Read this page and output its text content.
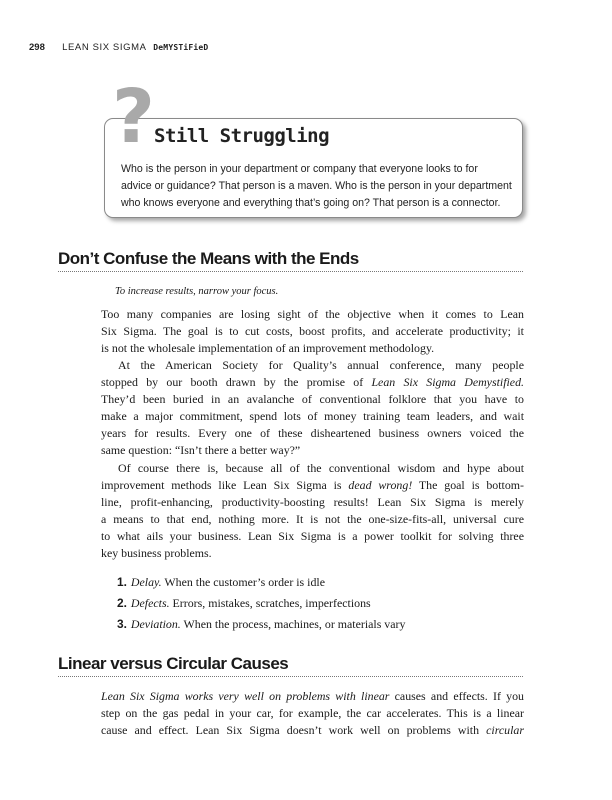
298 LEAN SIX SIGMA DeMYSTiFieD
? Still Struggling
Who is the person in your department or company that everyone looks to for
advice or guidance? That person is a maven. Who is the person in your department
who knows everyone and everything that’s going on? That person is a connector.
Don’t Confuse the Means with the Ends
To increase results, narrow your focus.
Too many companies are losing sight of the objective when it comes to Lean
Six Sigma. The goal is to cut costs, boost profits, and accelerate productivity; it
is not the wholesale implementation of an improvement methodology.
At the American Society for Quality’s annual conference, many people
stopped by our booth drawn by the promise of Lean Six Sigma Demystified.
They’d been buried in an avalanche of conventional folklore that you have to
make a major commitment, spend lots of money training team leaders, and wait
years for results. Every one of these disheartened business owners voiced the
same question: “Isn’t there a better way?”
Of course there is, because all of the conventional wisdom and hype about
improvement methods like Lean Six Sigma is dead wrong! The goal is bottom-
line, profit-enhancing, productivity-boosting results! Lean Six Sigma is merely
a means to that end, nothing more. It is not the one-size-fits-all, universal cure
to what ails your business. Lean Six Sigma is a power toolkit for solving three
key business problems.
1. Delay. When the customer’s order is idle
2. Defects. Errors, mistakes, scratches, imperfections
3. Deviation. When the process, machines, or materials vary
Linear versus Circular Causes
Lean Six Sigma works very well on problems with linear causes and effects. If you
step on the gas pedal in your car, for example, the car accelerates. This is a linear
cause and effect. Lean Six Sigma doesn’t work well on problems with circular
